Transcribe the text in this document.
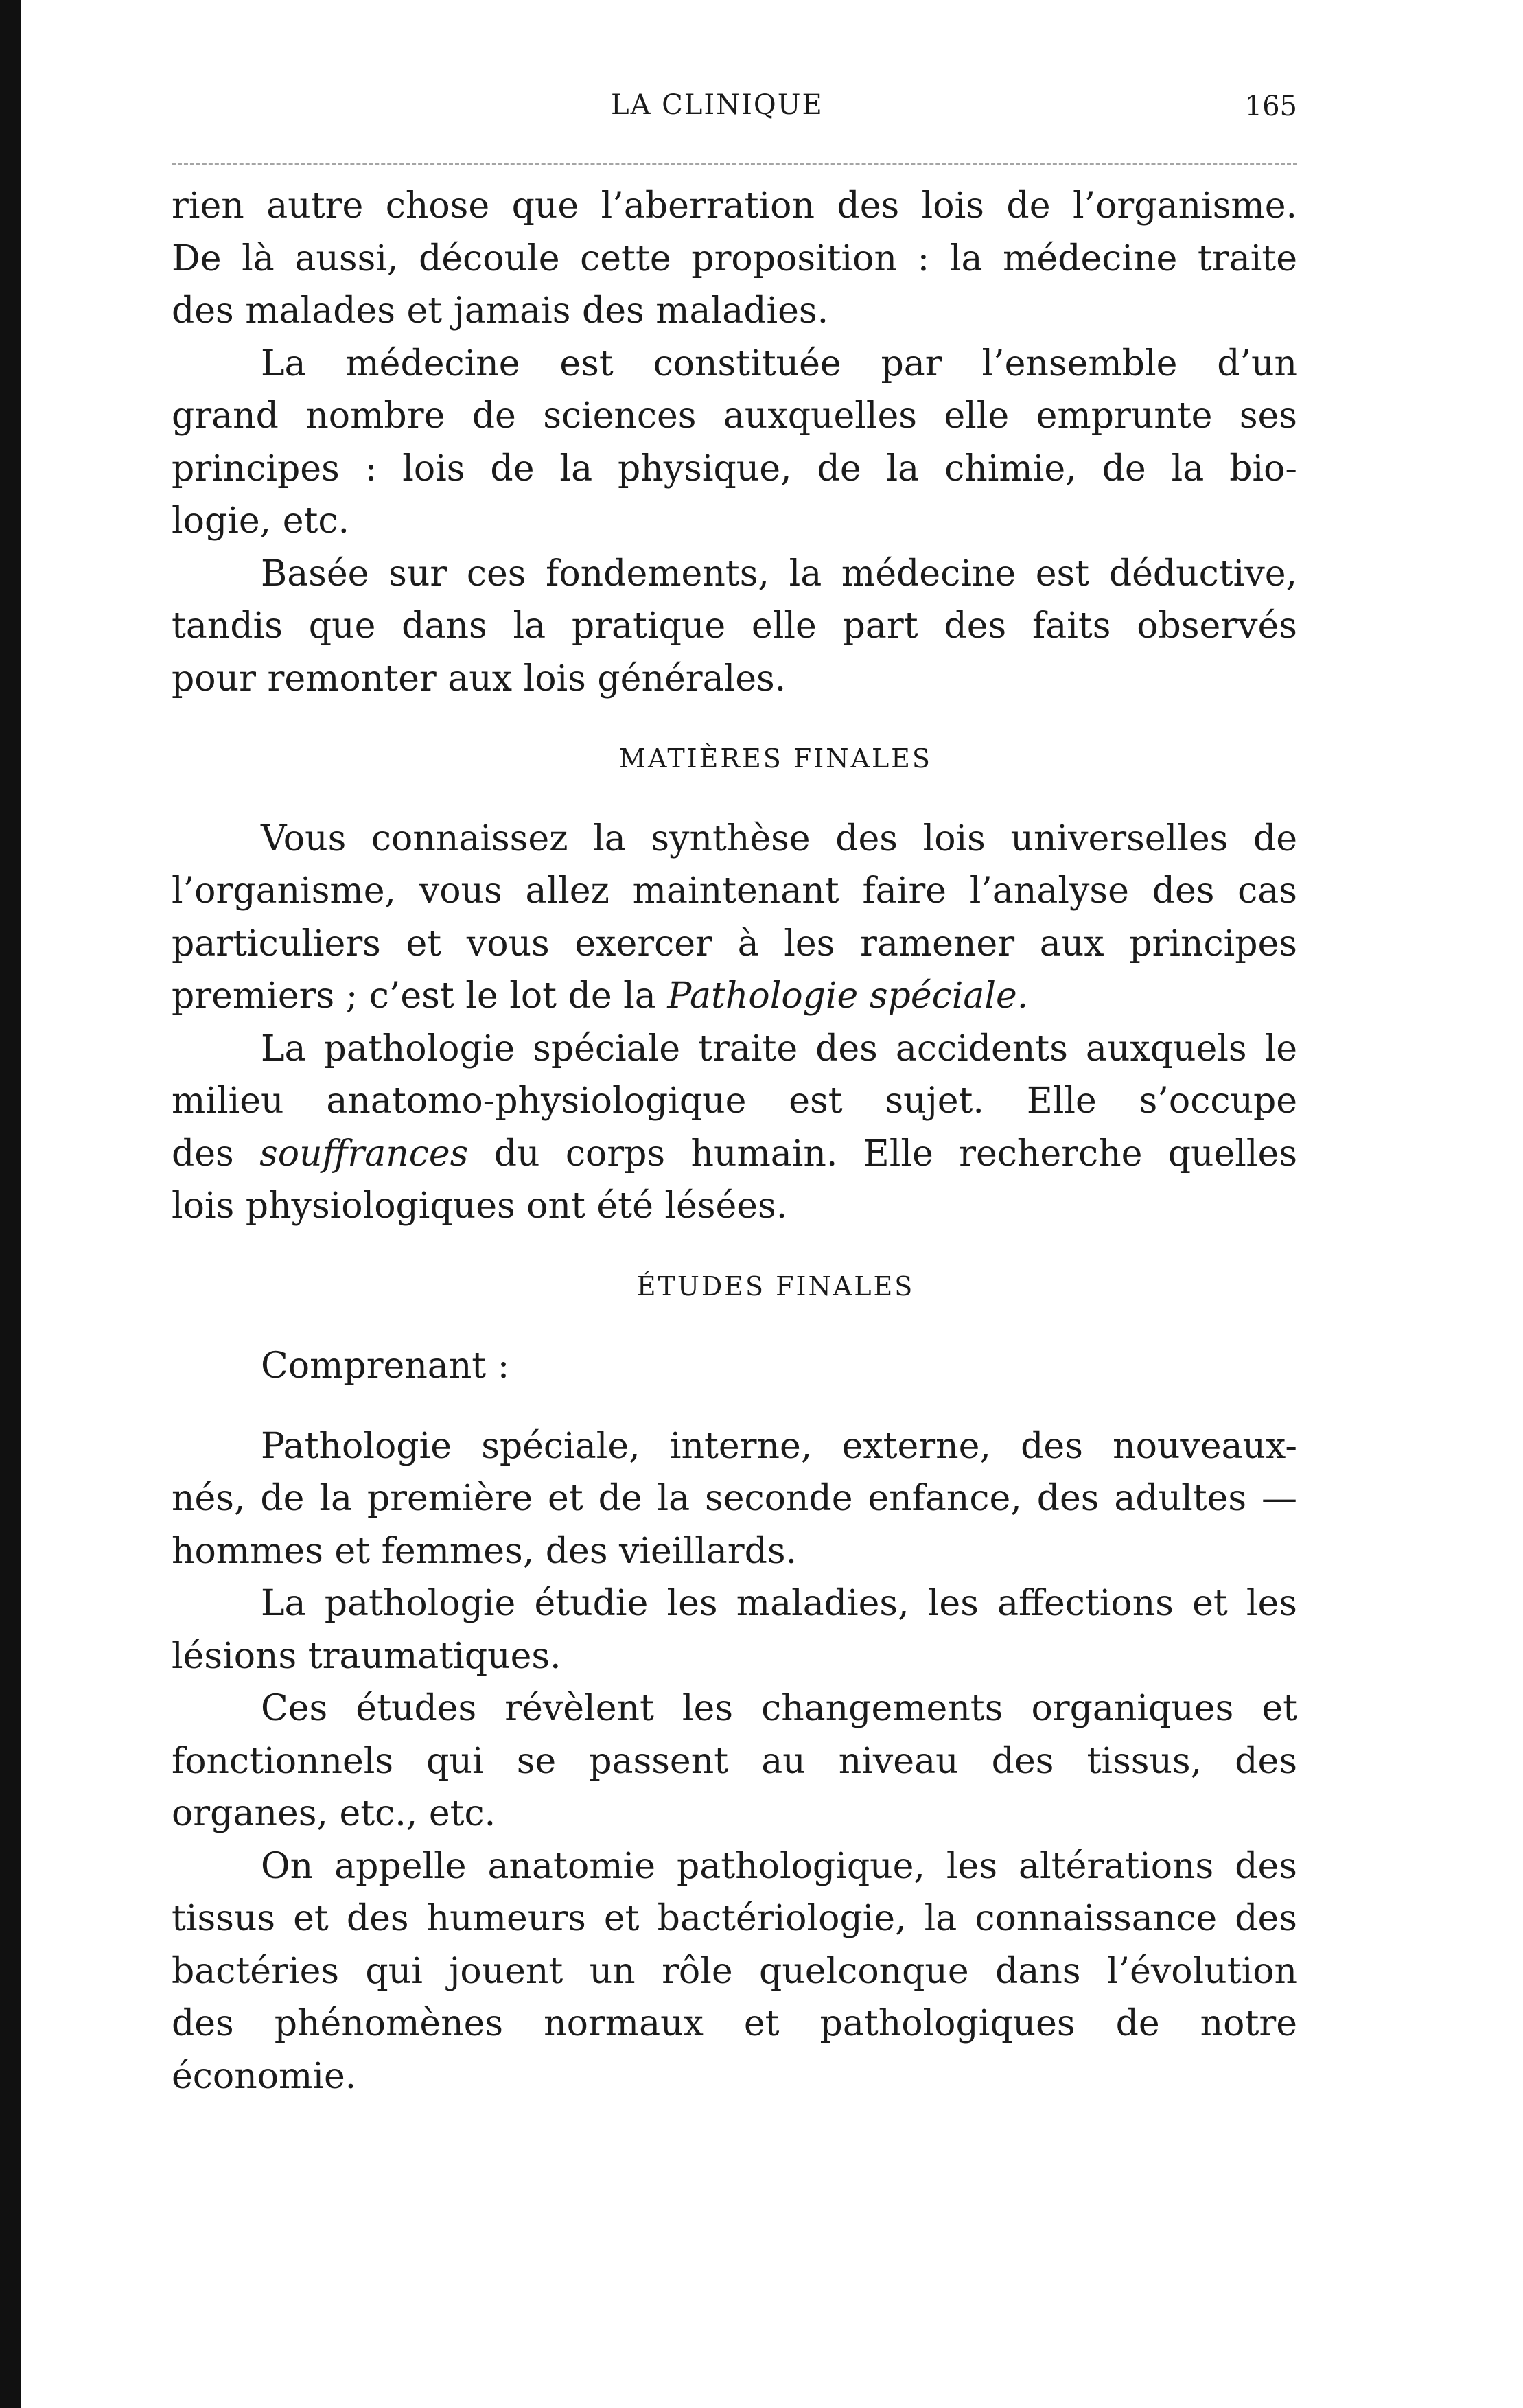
LA CLINIQUE	165
rien autre chose que l’aberration des lois de l’organisme.
De là aussi, découle cette proposition : la médecine traite
des malades et jamais des maladies.
La médecine est constituée par l’ensemble d’un
grand nombre de sciences auxquelles elle emprunte ses
principes : lois de la physique, de la chimie, de la bio-
logie, etc.
Basée sur ces fondements, la médecine est déductive,
tandis que dans la pratique elle part des faits observés
pour remonter aux lois générales.
MATIÈRES FINALES
Vous connaissez la synthèse des lois universelles de
l’organisme, vous allez maintenant faire l’analyse des cas
particuliers et vous exercer à les ramener aux principes
premiers ; c’est le lot de la Pathologie spéciale.
La pathologie spéciale traite des accidents auxquels le
milieu anatomo-physiologique est sujet. Elle s’occupe
des souffrances du corps humain. Elle recherche quelles
lois physiologiques ont été lésées.
ÉTUDES FINALES
Comprenant :
Pathologie spéciale, interne, externe, des nouveaux-
nés, de la première et de la seconde enfance, des adultes —
hommes et femmes, des vieillards.
La pathologie étudie les maladies, les affections et les
lésions traumatiques.
Ces études révèlent les changements organiques et
fonctionnels qui se passent au niveau des tissus, des
organes, etc., etc.
On appelle anatomie pathologique, les altérations des
tissus et des humeurs et bactériologie, la connaissance des
bactéries qui jouent un rôle quelconque dans l’évolution
des phénomènes normaux et pathologiques de notre
économie.
